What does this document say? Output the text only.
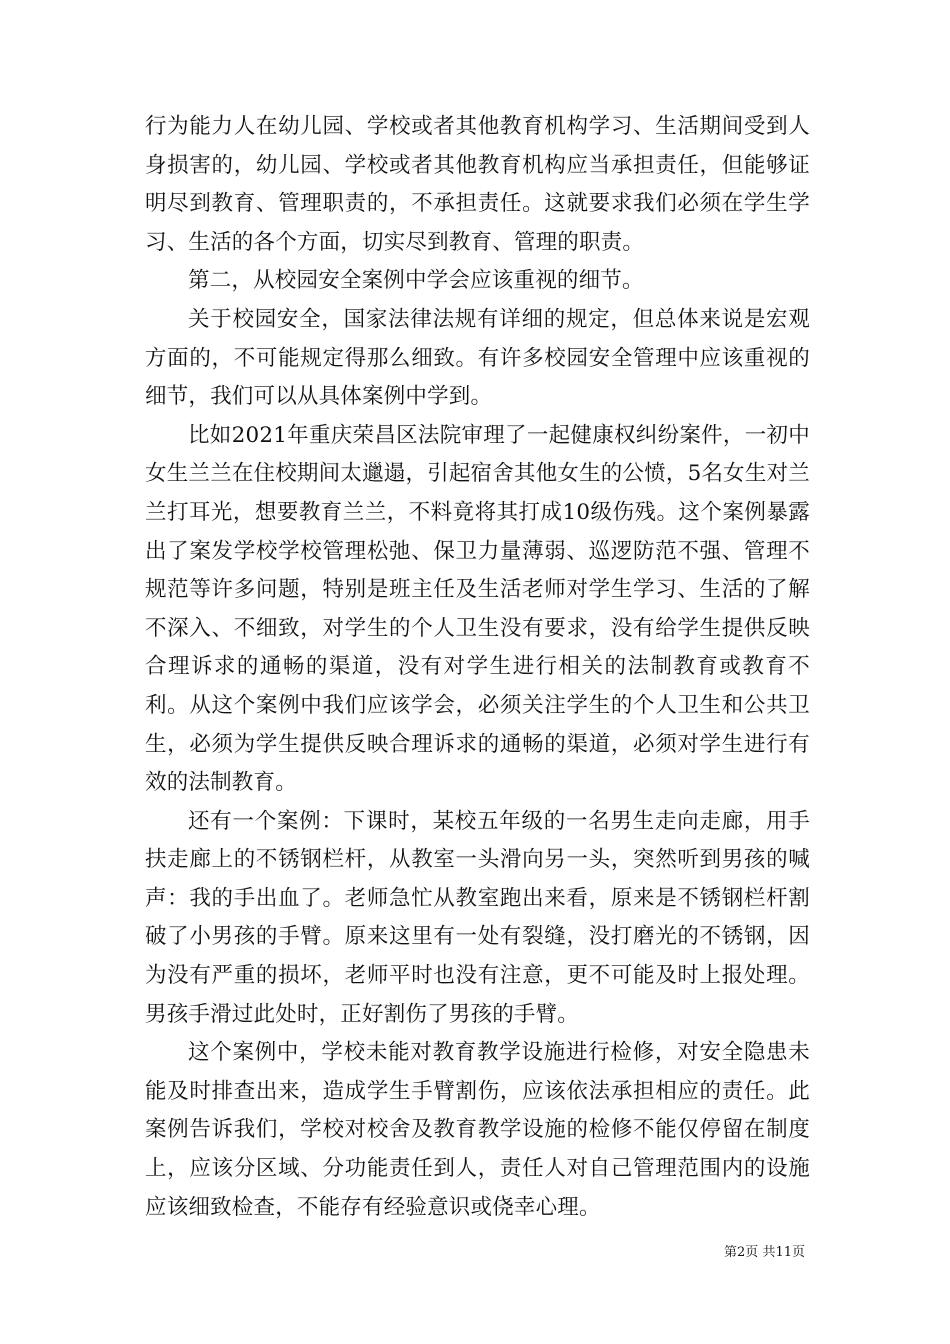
行为能力人在幼儿园、学校或者其他教育机构学习、生活期间受到人身损害的，幼儿园、学校或者其他教育机构应当承担责任，但能够证明尽到教育、管理职责的，不承担责任。这就要求我们必须在学生学习、生活的各个方面，切实尽到教育、管理的职责。

第二，从校园安全案例中学会应该重视的细节。

关于校园安全，国家法律法规有详细的规定，但总体来说是宏观方面的，不可能规定得那么细致。有许多校园安全管理中应该重视的细节，我们可以从具体案例中学到。

比如2021年重庆荣昌区法院审理了一起健康权纠纷案件，一初中女生兰兰在住校期间太邋遢，引起宿舍其他女生的公愤，5名女生对兰兰打耳光，想要教育兰兰，不料竟将其打成10级伤残。这个案例暴露出了案发学校学校管理松弛、保卫力量薄弱、巡逻防范不强、管理不规范等许多问题，特别是班主任及生活老师对学生学习、生活的了解不深入、不细致，对学生的个人卫生没有要求，没有给学生提供反映合理诉求的通畅的渠道，没有对学生进行相关的法制教育或教育不利。从这个案例中我们应该学会，必须关注学生的个人卫生和公共卫生，必须为学生提供反映合理诉求的通畅的渠道，必须对学生进行有效的法制教育。

还有一个案例：下课时，某校五年级的一名男生走向走廊，用手扶走廊上的不锈钢栏杆，从教室一头滑向另一头，突然听到男孩的喊声：我的手出血了。老师急忙从教室跑出来看，原来是不锈钢栏杆割破了小男孩的手臂。原来这里有一处有裂缝，没打磨光的不锈钢，因为没有严重的损坏，老师平时也没有注意，更不可能及时上报处理。男孩手滑过此处时，正好割伤了男孩的手臂。

这个案例中，学校未能对教育教学设施进行检修，对安全隐患未能及时排查出来，造成学生手臂割伤，应该依法承担相应的责任。此案例告诉我们，学校对校舍及教育教学设施的检修不能仅停留在制度上，应该分区域、分功能责任到人，责任人对自己管理范围内的设施应该细致检查，不能存有经验意识或侥幸心理。

第2页 共11页
